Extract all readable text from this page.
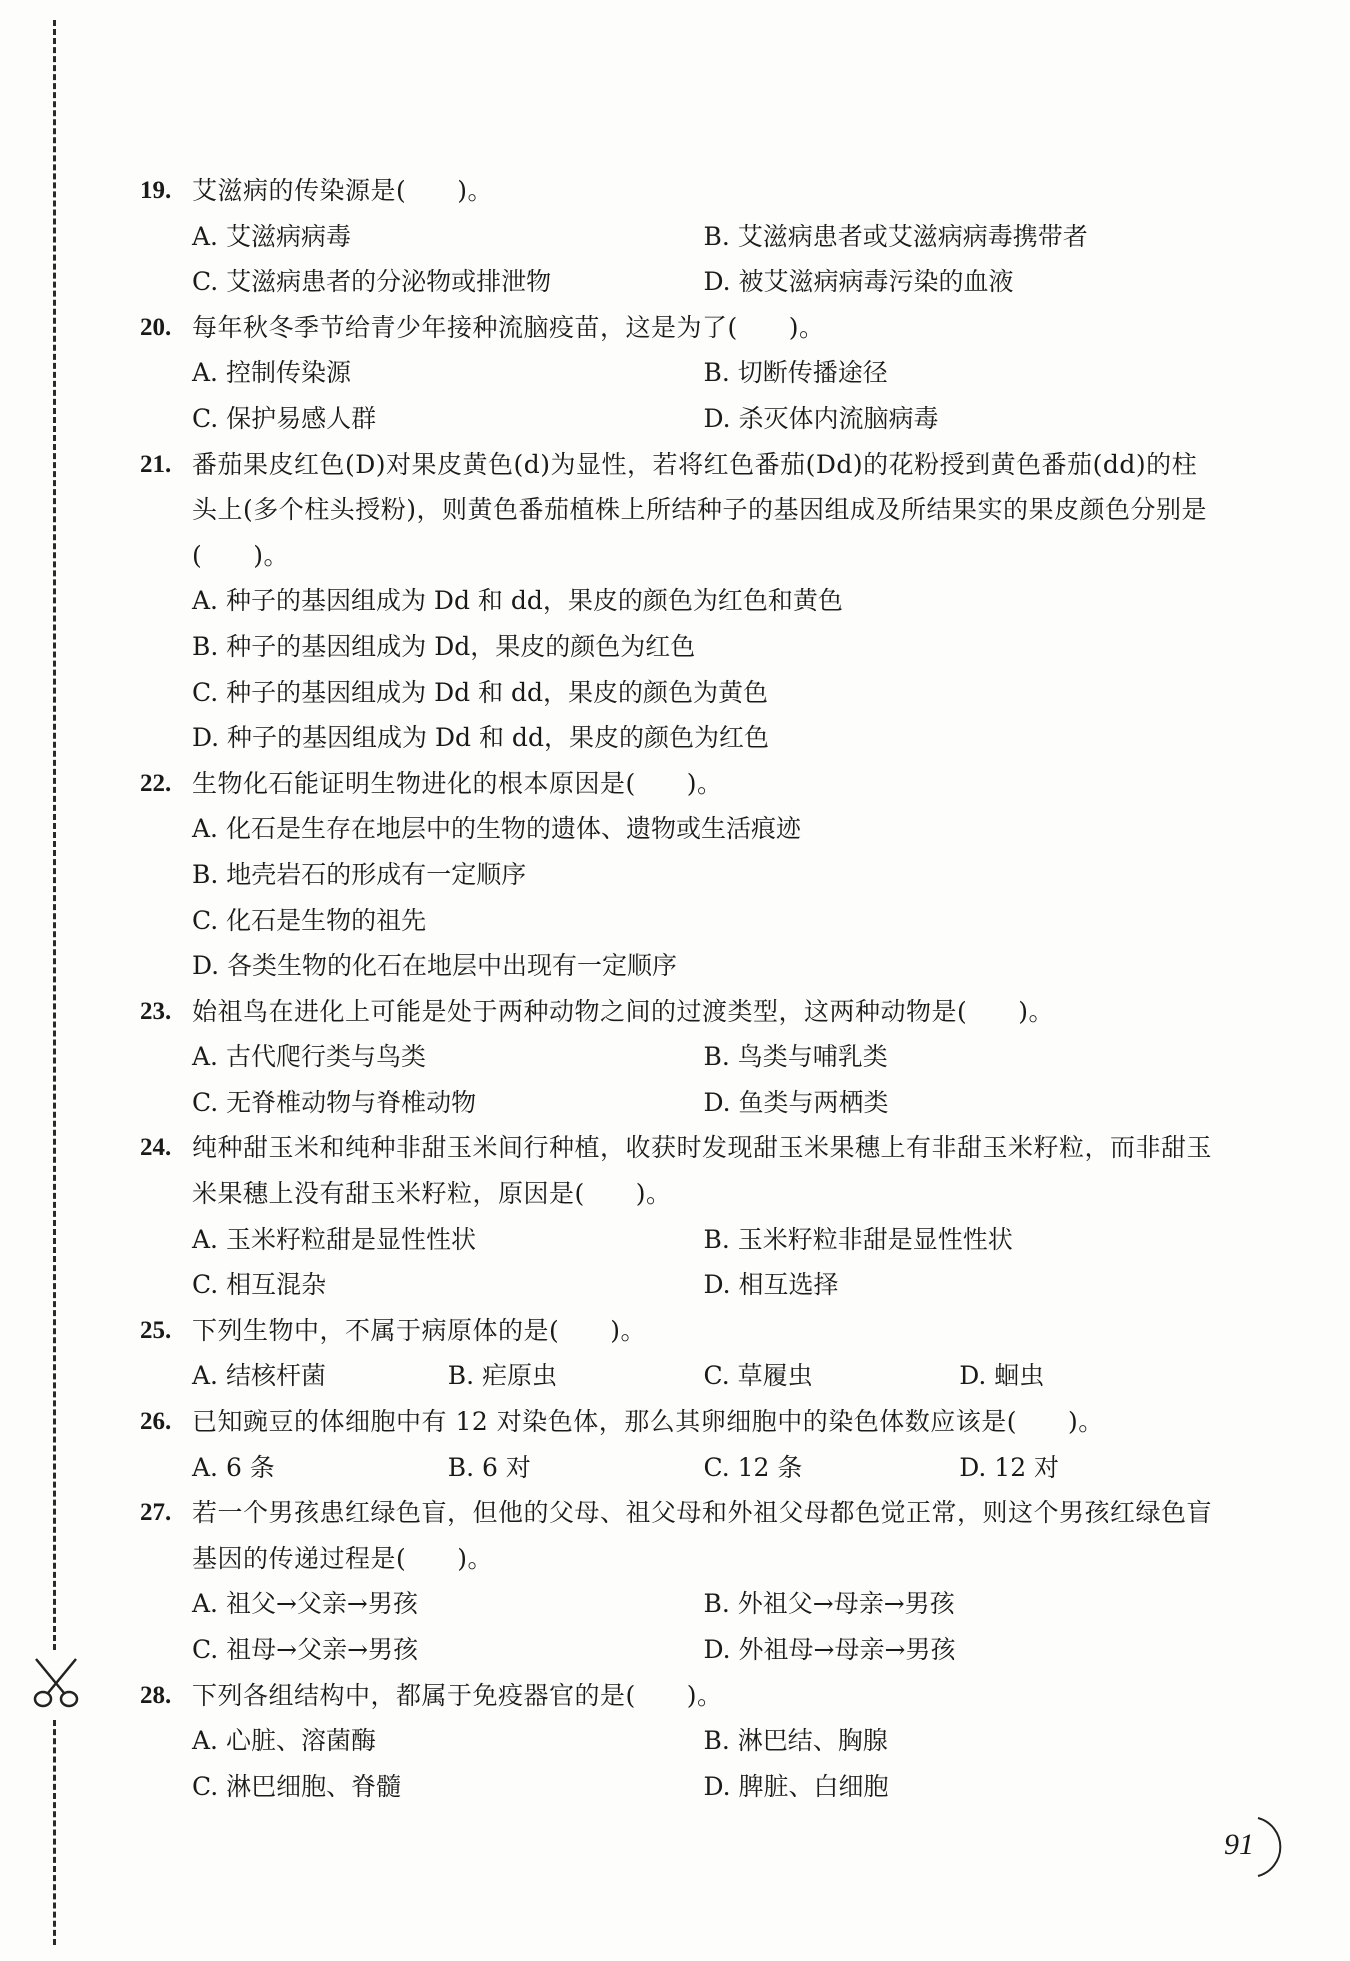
19. 艾滋病的传染源是(　　)。
A. 艾滋病病毒	B. 艾滋病患者或艾滋病病毒携带者
C. 艾滋病患者的分泌物或排泄物	D. 被艾滋病病毒污染的血液
20. 每年秋冬季节给青少年接种流脑疫苗，这是为了(　　)。
A. 控制传染源	B. 切断传播途径
C. 保护易感人群	D. 杀灭体内流脑病毒
21. 番茄果皮红色(D)对果皮黄色(d)为显性，若将红色番茄(Dd)的花粉授到黄色番茄(dd)的柱头上(多个柱头授粉)，则黄色番茄植株上所结种子的基因组成及所结果实的果皮颜色分别是(　　)。
A. 种子的基因组成为 Dd 和 dd，果皮的颜色为红色和黄色
B. 种子的基因组成为 Dd，果皮的颜色为红色
C. 种子的基因组成为 Dd 和 dd，果皮的颜色为黄色
D. 种子的基因组成为 Dd 和 dd，果皮的颜色为红色
22. 生物化石能证明生物进化的根本原因是(　　)。
A. 化石是生存在地层中的生物的遗体、遗物或生活痕迹
B. 地壳岩石的形成有一定顺序
C. 化石是生物的祖先
D. 各类生物的化石在地层中出现有一定顺序
23. 始祖鸟在进化上可能是处于两种动物之间的过渡类型，这两种动物是(　　)。
A. 古代爬行类与鸟类	B. 鸟类与哺乳类
C. 无脊椎动物与脊椎动物	D. 鱼类与两栖类
24. 纯种甜玉米和纯种非甜玉米间行种植，收获时发现甜玉米果穗上有非甜玉米籽粒，而非甜玉米果穗上没有甜玉米籽粒，原因是(　　)。
A. 玉米籽粒甜是显性性状	B. 玉米籽粒非甜是显性性状
C. 相互混杂	D. 相互选择
25. 下列生物中，不属于病原体的是(　　)。
A. 结核杆菌	B. 疟原虫	C. 草履虫	D. 蛔虫
26. 已知豌豆的体细胞中有 12 对染色体，那么其卵细胞中的染色体数应该是(　　)。
A. 6 条	B. 6 对	C. 12 条	D. 12 对
27. 若一个男孩患红绿色盲，但他的父母、祖父母和外祖父母都色觉正常，则这个男孩红绿色盲基因的传递过程是(　　)。
A. 祖父→父亲→男孩	B. 外祖父→母亲→男孩
C. 祖母→父亲→男孩	D. 外祖母→母亲→男孩
28. 下列各组结构中，都属于免疫器官的是(　　)。
A. 心脏、溶菌酶	B. 淋巴结、胸腺
C. 淋巴细胞、脊髓	D. 脾脏、白细胞
91
